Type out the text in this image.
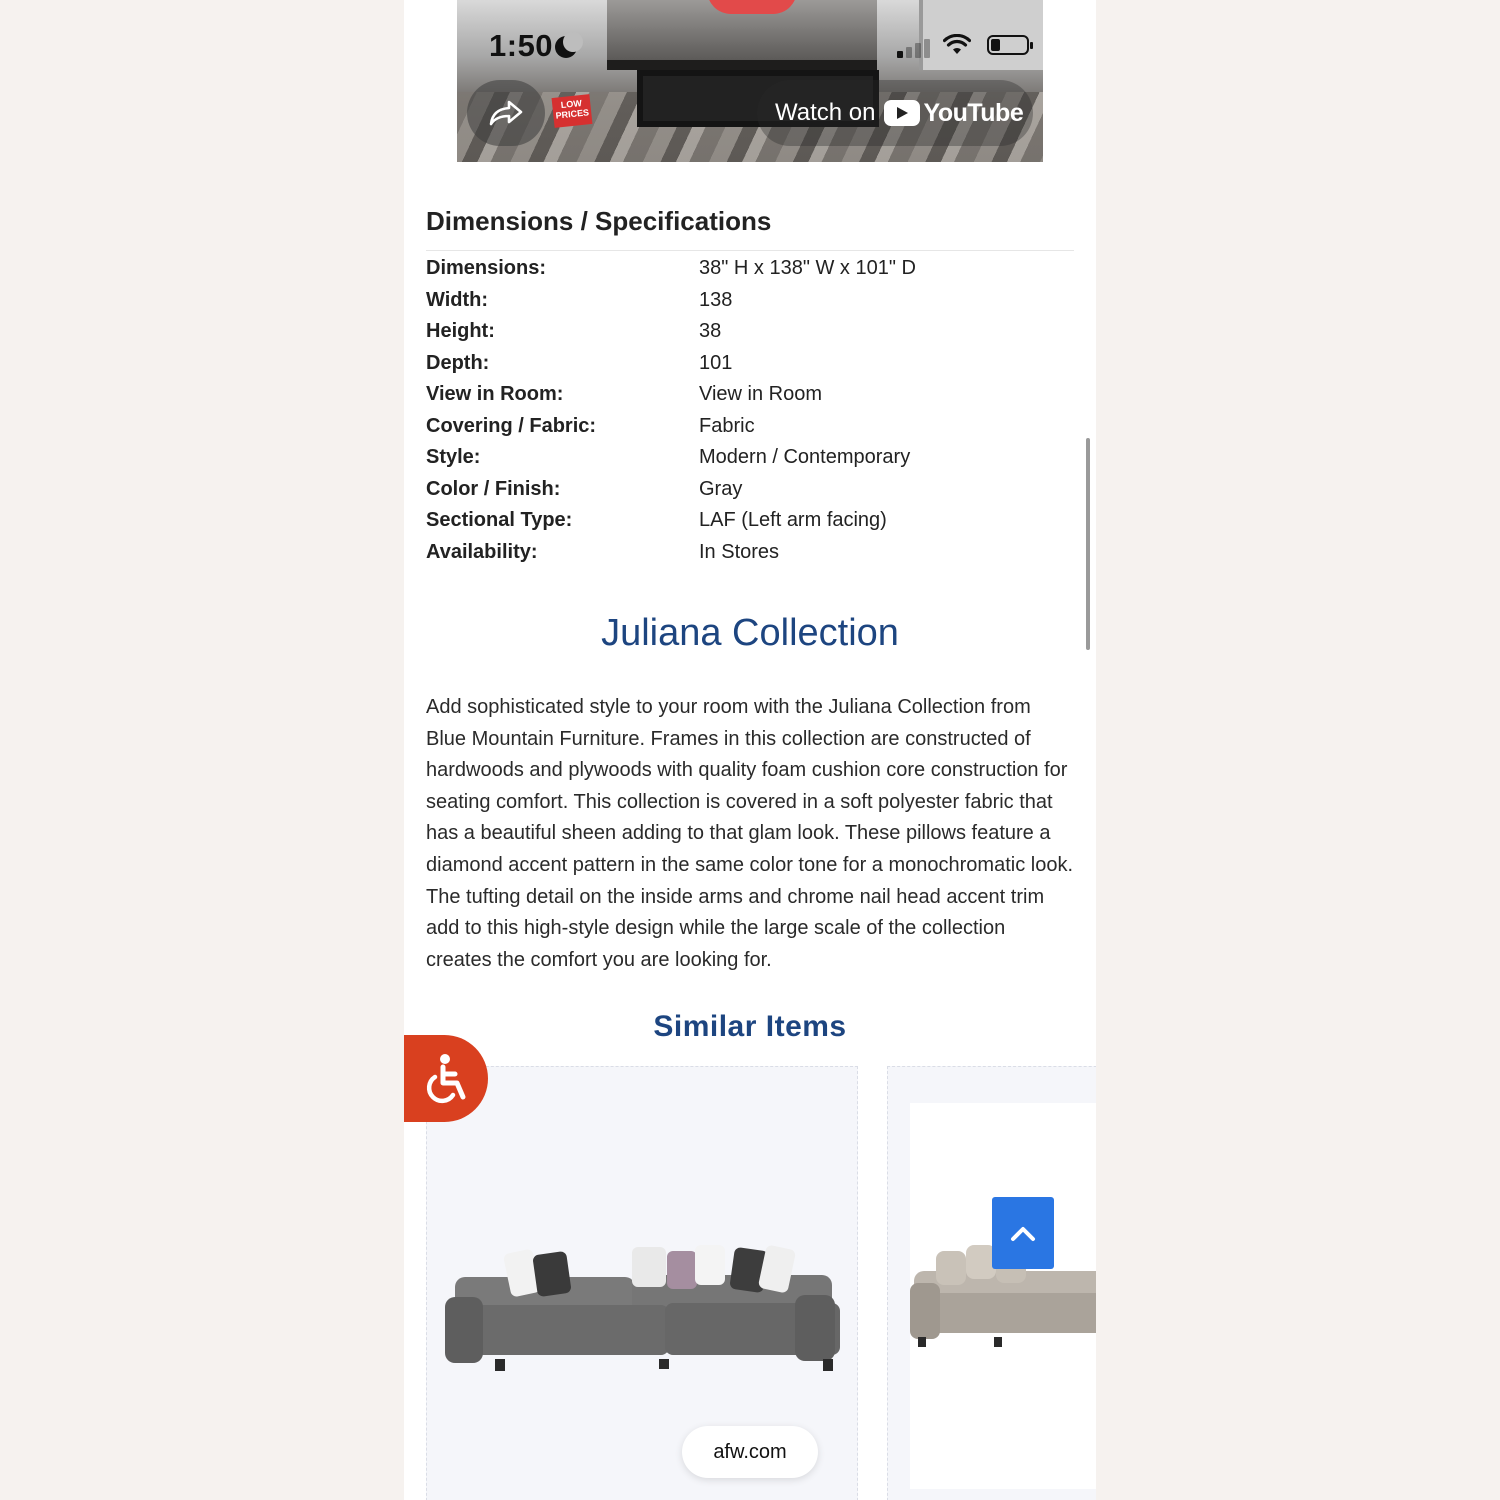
1:50
LOW PRICES	Watch on YouTube
Dimensions / Specifications
Dimensions:	38" H x 138" W x 101" D
Width:	138
Height:	38
Depth:	101
View in Room:	View in Room
Covering / Fabric:	Fabric
Style:	Modern / Contemporary
Color / Finish:	Gray
Sectional Type:	LAF (Left arm facing)
Availability:	In Stores
Juliana Collection
Add sophisticated style to your room with the Juliana Collection from Blue Mountain Furniture. Frames in this collection are constructed of hardwoods and plywoods with quality foam cushion core construction for seating comfort. This collection is covered in a soft polyester fabric that has a beautiful sheen adding to that glam look. These pillows feature a diamond accent pattern in the same color tone for a monochromatic look. The tufting detail on the inside arms and chrome nail head accent trim add to this high-style design while the large scale of the collection creates the comfort you are looking for.
Similar Items
afw.com
